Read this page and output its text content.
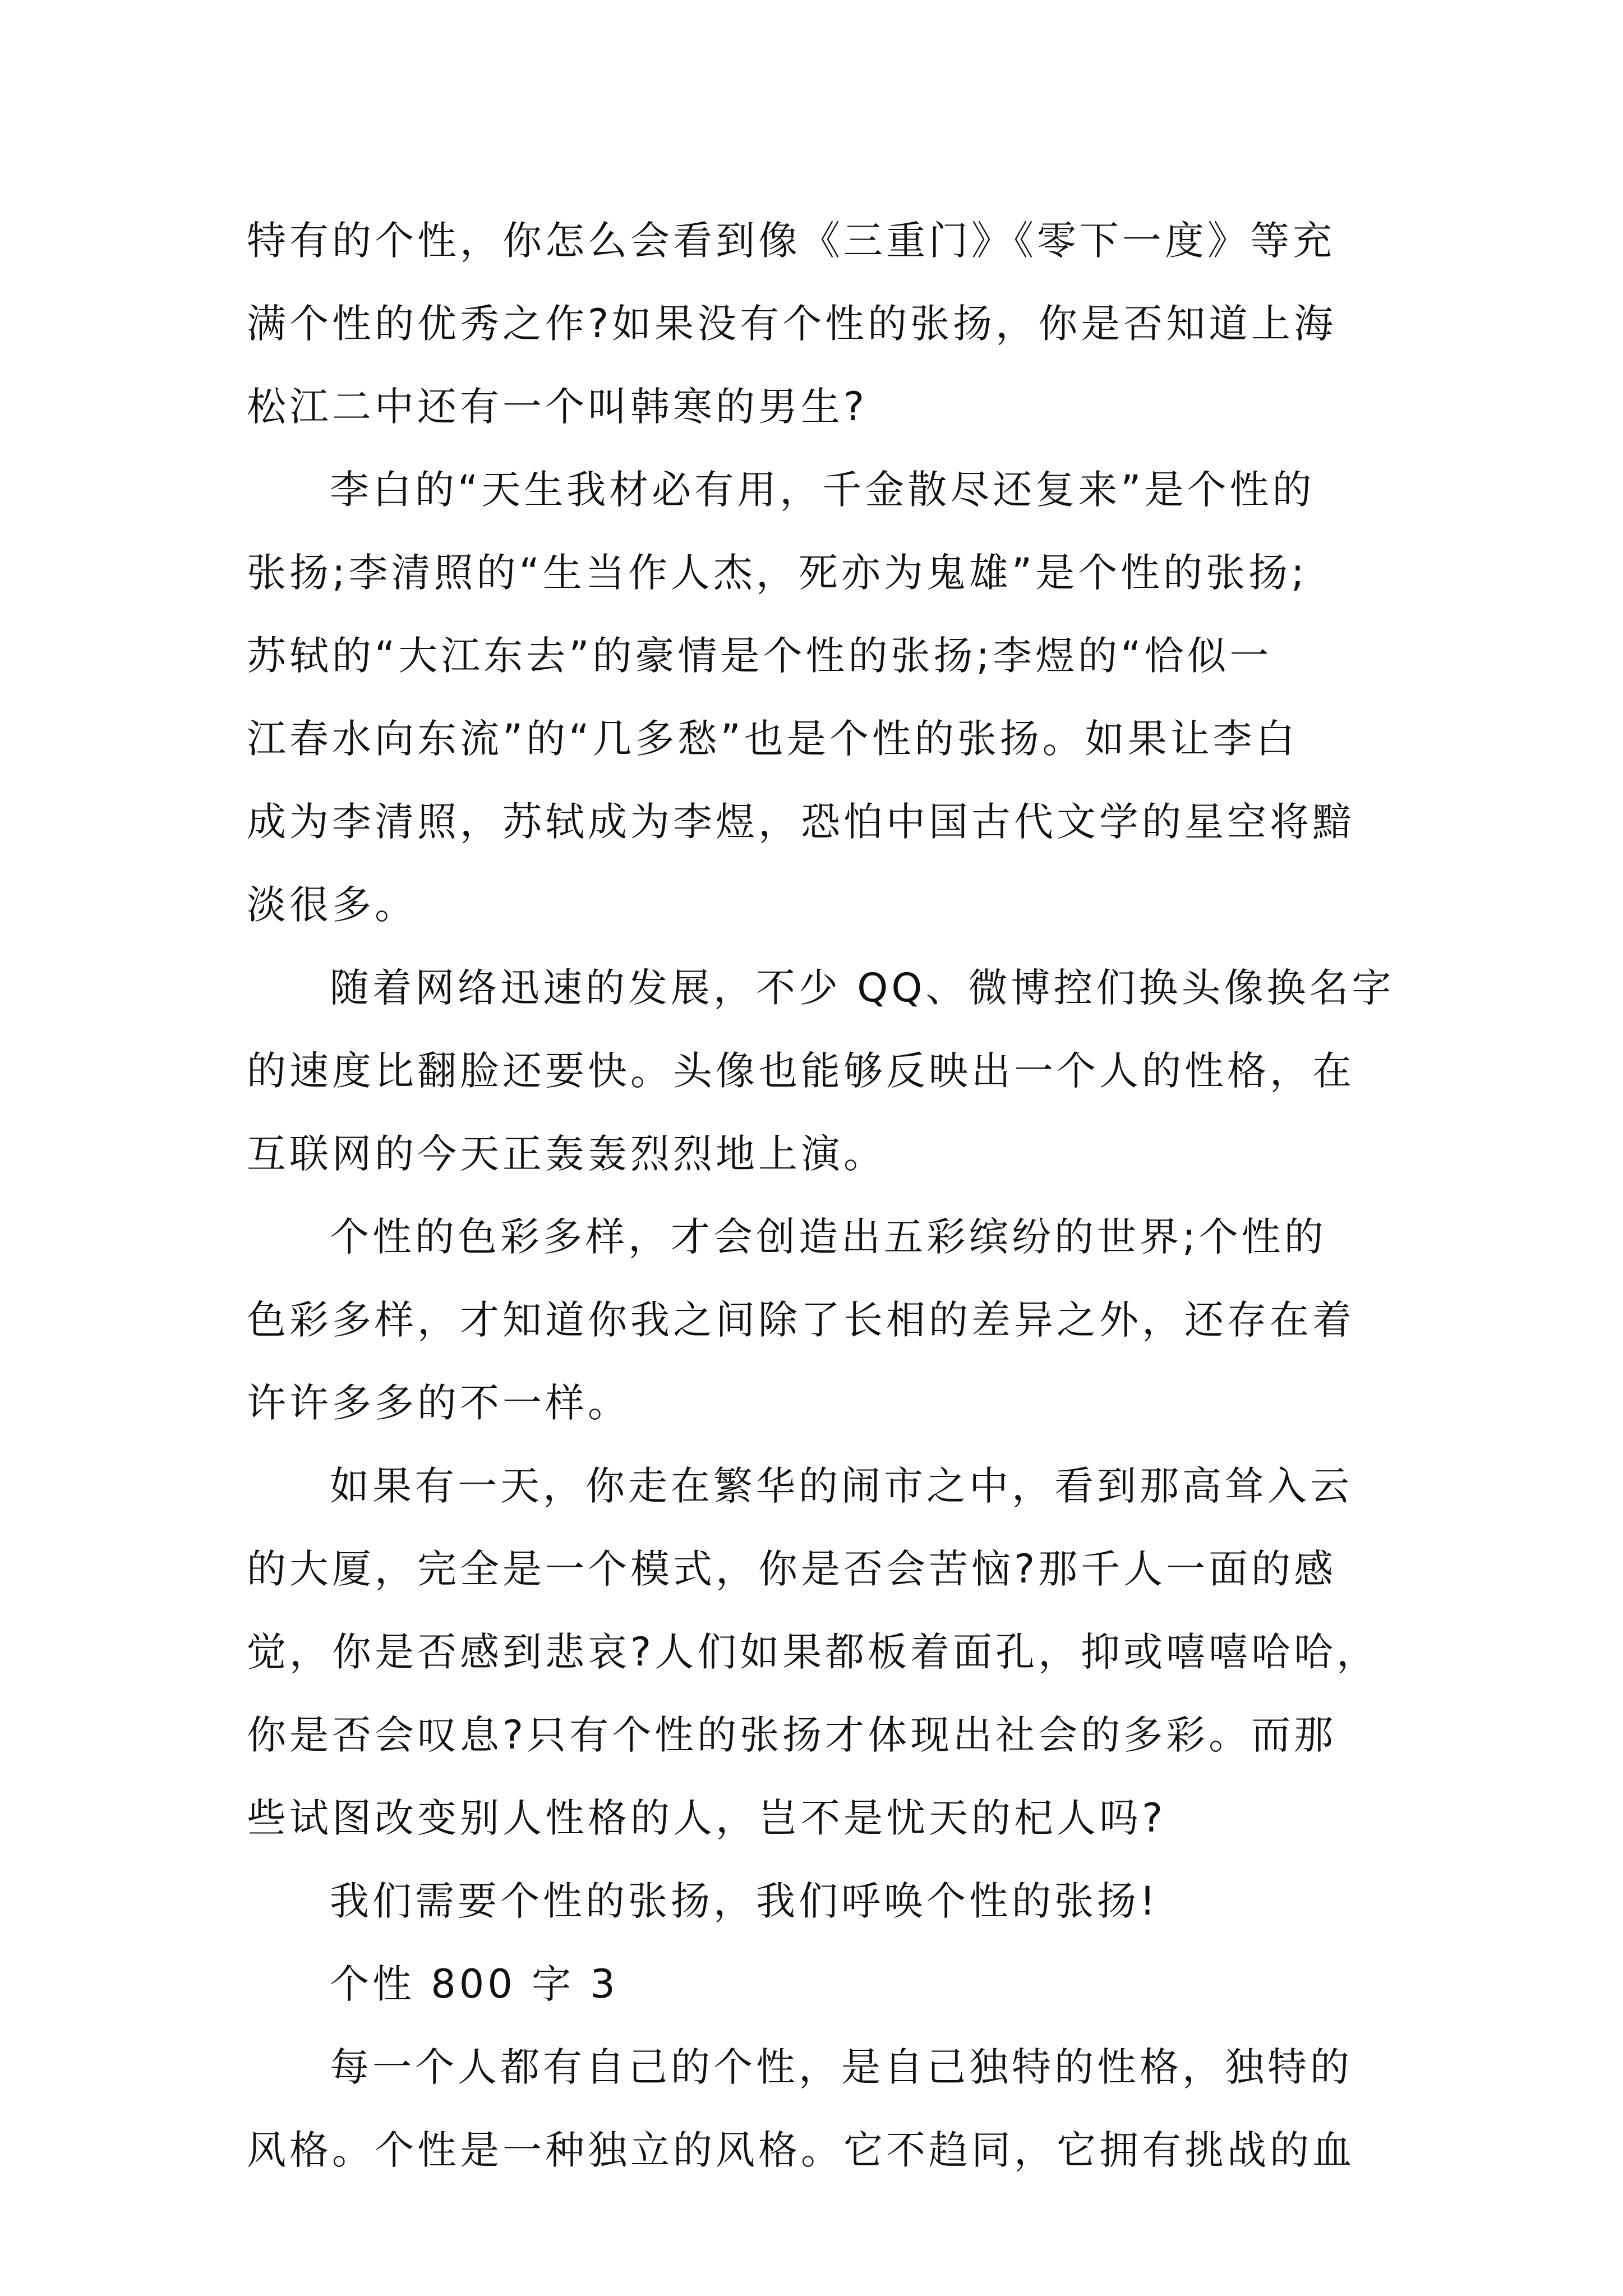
特有的个性，你怎么会看到像《三重门》《零下一度》等充
满个性的优秀之作?如果没有个性的张扬，你是否知道上海
松江二中还有一个叫韩寒的男生?
李白的“天生我材必有用，千金散尽还复来”是个性的
张扬;李清照的“生当作人杰，死亦为鬼雄”是个性的张扬;
苏轼的“大江东去”的豪情是个性的张扬;李煜的“恰似一
江春水向东流”的“几多愁”也是个性的张扬。如果让李白
成为李清照，苏轼成为李煜，恐怕中国古代文学的星空将黯
淡很多。
随着网络迅速的发展，不少 QQ、微博控们换头像换名字
的速度比翻脸还要快。头像也能够反映出一个人的性格，在
互联网的今天正轰轰烈烈地上演。
个性的色彩多样，才会创造出五彩缤纷的世界;个性的
色彩多样，才知道你我之间除了长相的差异之外，还存在着
许许多多的不一样。
如果有一天，你走在繁华的闹市之中，看到那高耸入云
的大厦，完全是一个模式，你是否会苦恼?那千人一面的感
觉，你是否感到悲哀?人们如果都板着面孔，抑或嘻嘻哈哈，
你是否会叹息?只有个性的张扬才体现出社会的多彩。而那
些试图改变别人性格的人，岂不是忧天的杞人吗?
我们需要个性的张扬，我们呼唤个性的张扬!
个性 800 字 3
每一个人都有自己的个性，是自己独特的性格，独特的
风格。个性是一种独立的风格。它不趋同，它拥有挑战的血
